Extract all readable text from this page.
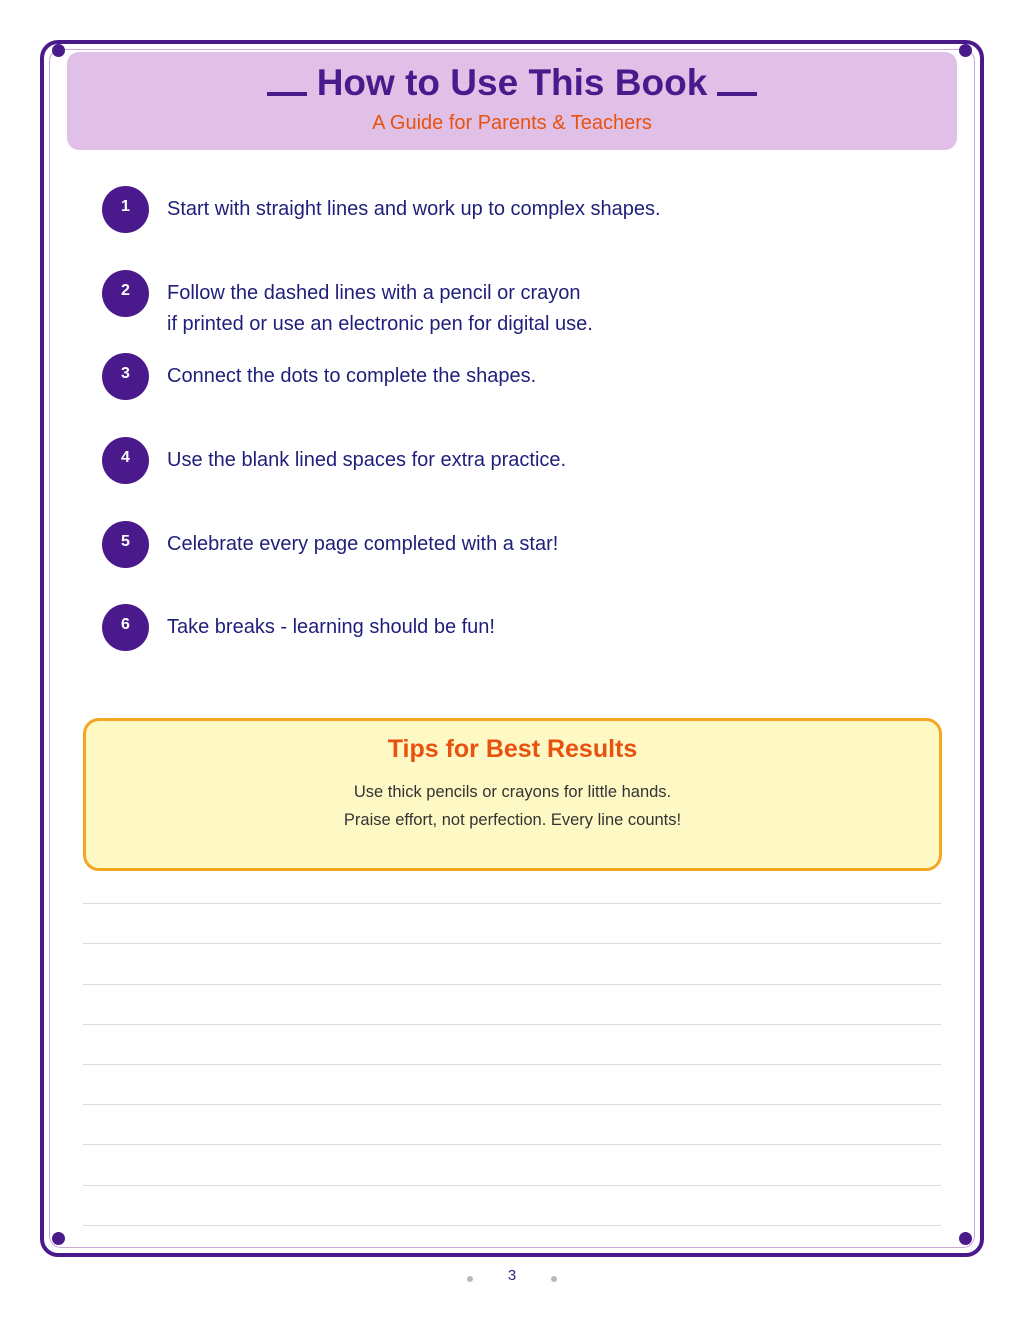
How to Use This Book
A Guide for Parents & Teachers
1	Start with straight lines and work up to complex shapes.
2	Follow the dashed lines with a pencil or crayon
if printed or use an electronic pen for digital use.
3	Connect the dots to complete the shapes.
4	Use the blank lined spaces for extra practice.
5	Celebrate every page completed with a star!
6	Take breaks - learning should be fun!
Tips for Best Results
Use thick pencils or crayons for little hands.
Praise effort, not perfection. Every line counts!
3
